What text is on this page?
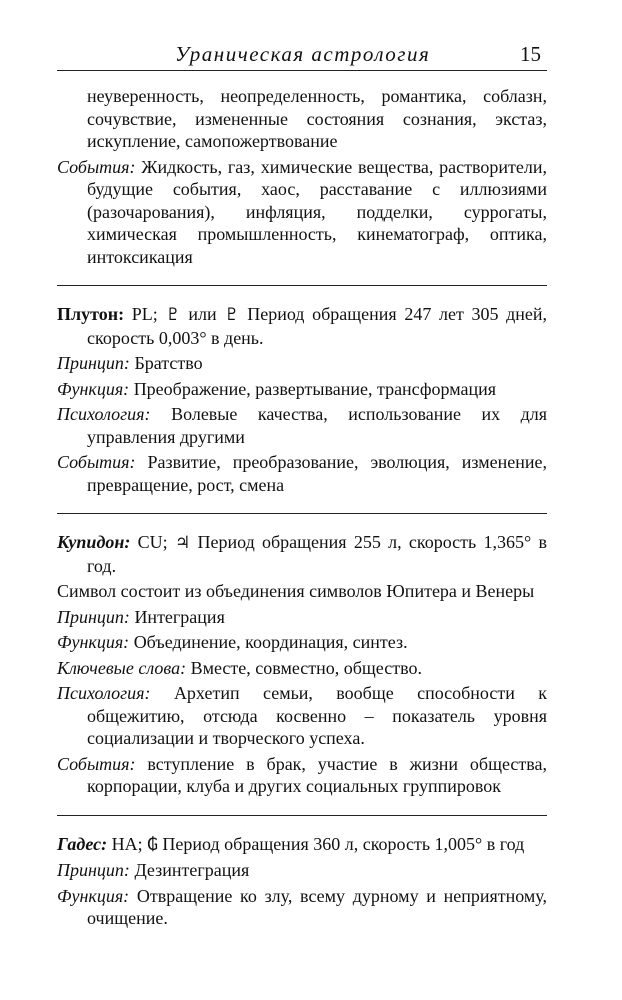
Ураническая астрология	15

неуверенность, неопределенность, романтика, соблазн, сочувствие, измененные состояния сознания, экстаз, искупление, самопожертвование

События: Жидкость, газ, химические вещества, растворители, будущие события, хаос, расставание с иллюзиями (разочарования), инфляция, подделки, суррогаты, химическая промышленность, кинематограф, оптика, интоксикация

Плутон: PL; ♇ или ♇ Период обращения 247 лет 305 дней, скорость 0,003° в день.

Принцип: Братство

Функция: Преображение, развертывание, трансформация

Психология: Волевые качества, использование их для управления другими

События: Развитие, преобразование, эволюция, изменение, превращение, рост, смена

Купидон: CU; ♃ Период обращения 255 л, скорость 1,365° в год.

Символ состоит из объединения символов Юпитера и Венеры

Принцип: Интеграция

Функция: Объединение, координация, синтез.

Ключевые слова: Вместе, совместно, общество.

Психология: Архетип семьи, вообще способности к общежитию, отсюда косвенно – показатель уровня социализации и творческого успеха.

События: вступление в брак, участие в жизни общества, корпорации, клуба и других социальных группировок

Гадес: HA; ₲ Период обращения 360 л, скорость 1,005° в год

Принцип: Дезинтеграция

Функция: Отвращение ко злу, всему дурному и неприятному, очищение.
